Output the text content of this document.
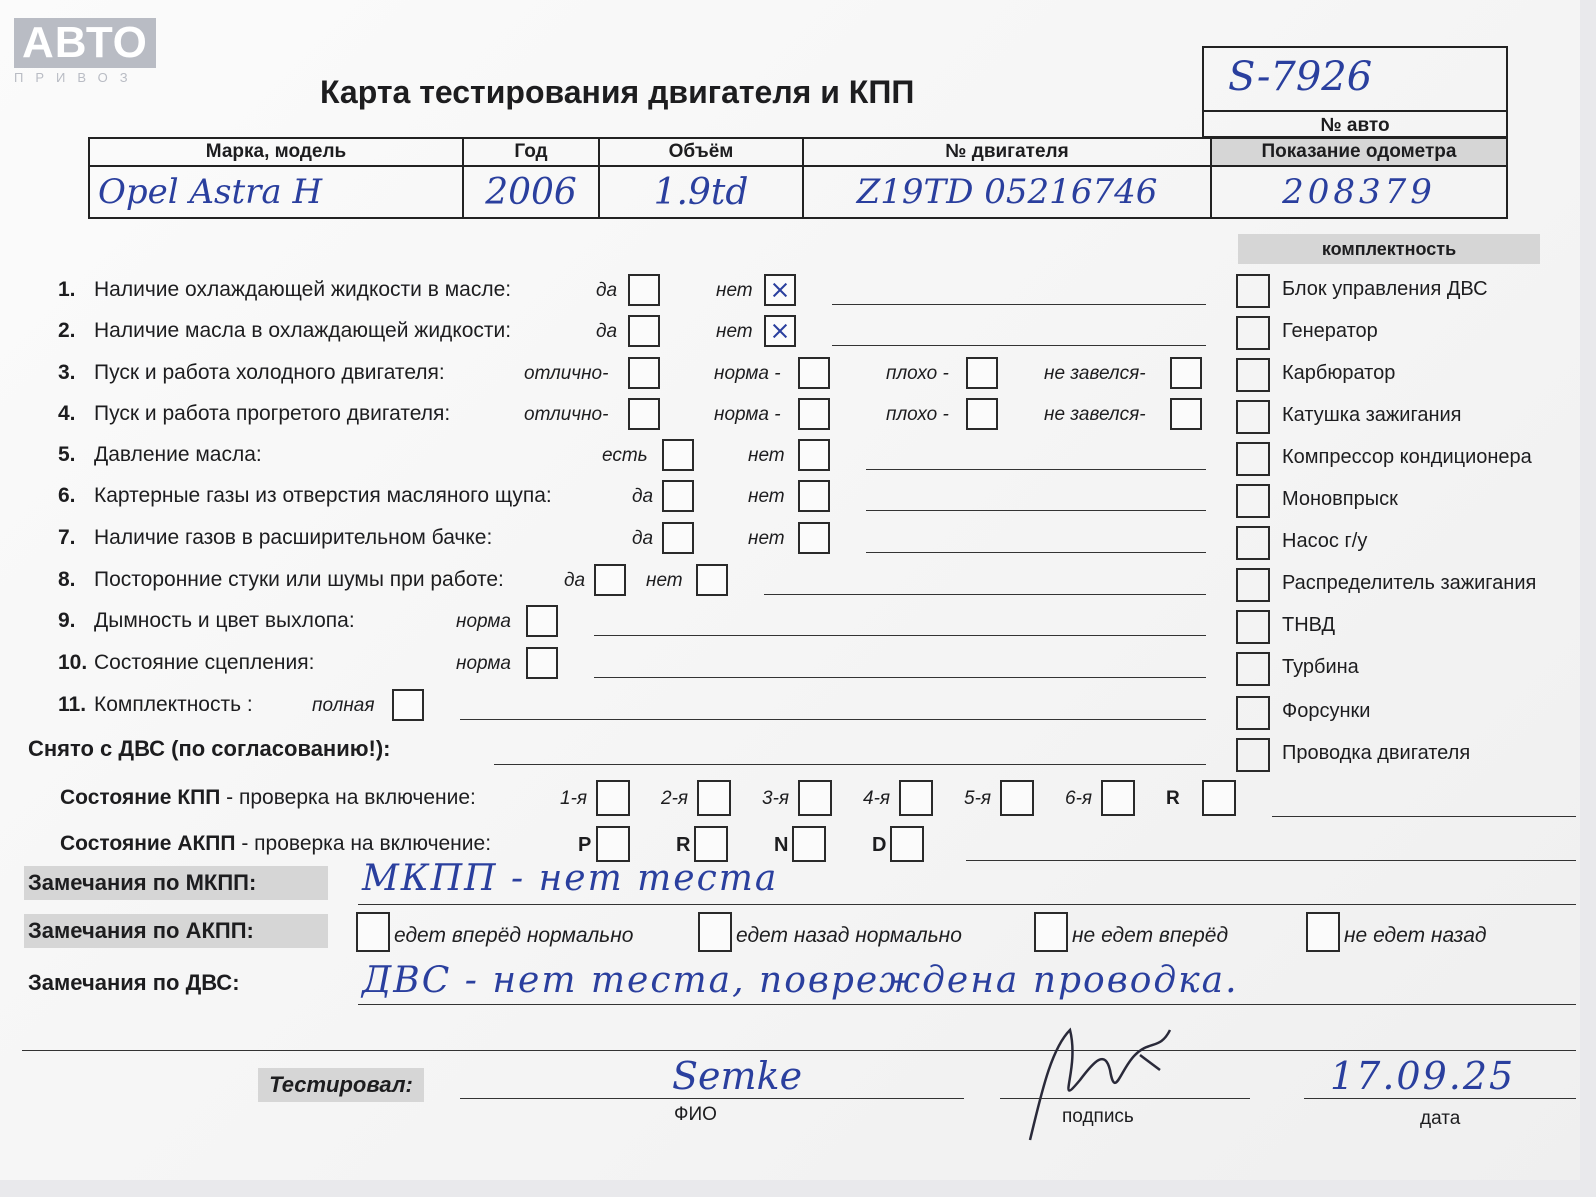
АВТО
ПРИВОЗ	Карта тестирования двигателя и КПП	S-7926
№ авто
Марка, модель	Год	Объём	№ двигателя	Показание одометра
Opel Astra H	2006	1.9td	Z19TD 05216746	208379
комплектность
Блок управления ДВС
Генератор
Карбюратор
Катушка зажигания
Компрессор кондиционера
Моновпрыск
Насос г/у
Распределитель зажигания
ТНВД
Турбина
Форсунки
Проводка двигателя
1. Наличие охлаждающей жидкости в масле:	да	нет
2. Наличие масла в охлаждающей жидкости:	да	нет
3. Пуск и работа холодного двигателя:	отлично-	норма -	плохо -	не завелся-
4. Пуск и работа прогретого двигателя:	отлично-	норма -	плохо -	не завелся-
5. Давление масла:	есть	нет
6. Картерные газы из отверстия масляного щупа:	да	нет
7. Наличие газов в расширительном бачке:	да	нет
8. Посторонние стуки или шумы при работе:	да	нет
9. Дымность и цвет выхлопа:	норма
10. Состояние сцепления:	норма
11. Комплектность :	полная
Снято с ДВС (по согласованию!):
Состояние КПП - проверка на включение:	1-я	2-я	3-я	4-я	5-я	6-я	R
Состояние АКПП - проверка на включение:	P	R	N	D
Замечания по МКПП:	МКПП - нет теста
Замечания по АКПП:	едет вперёд нормально	едет назад нормально	не едет вперёд	не едет назад
Замечания по ДВС:	ДВС - нет теста, повреждена проводка.
Тестировал:	Semke
ФИО	подпись
17.09.25
дата
